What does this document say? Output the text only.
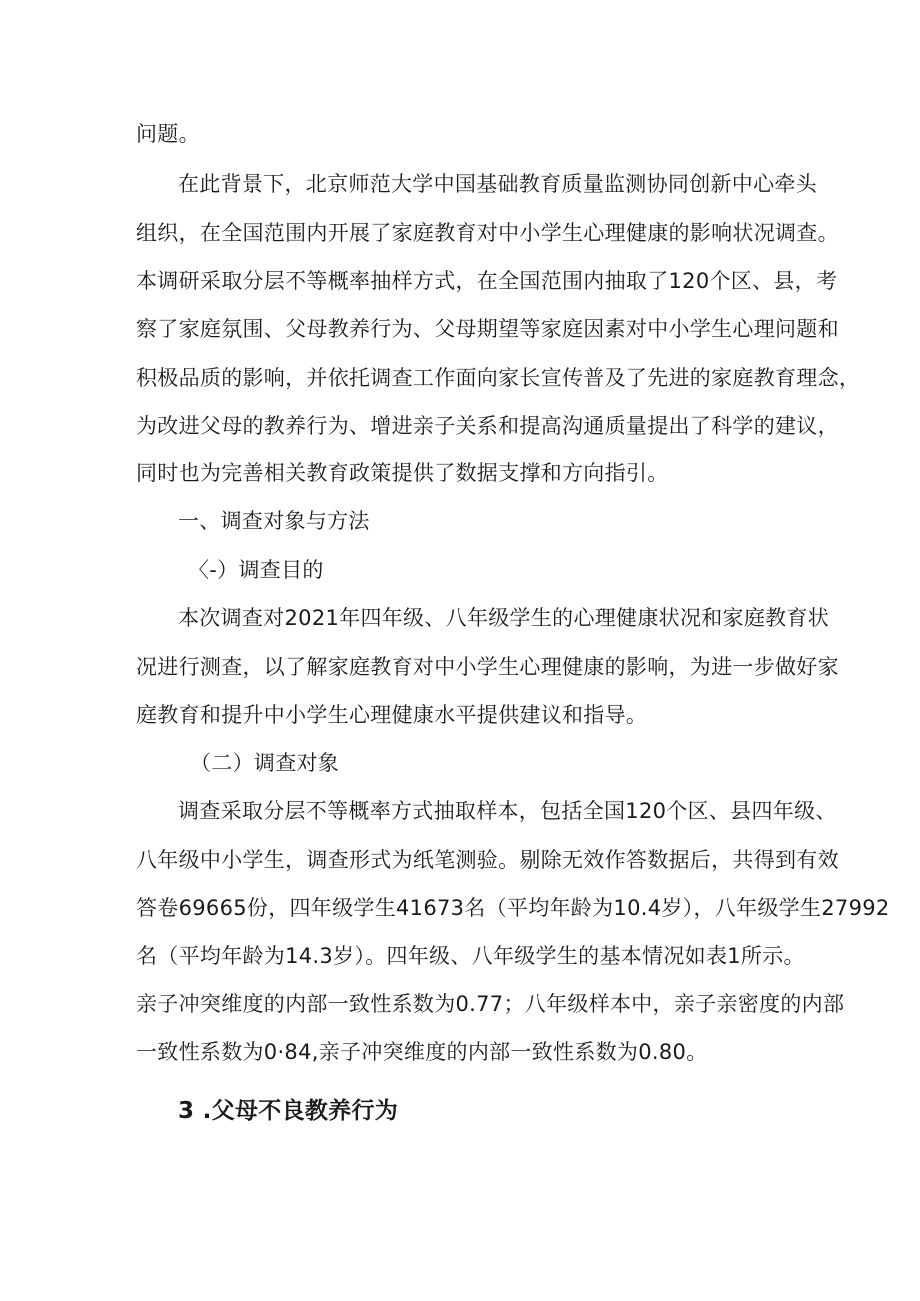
问题。
在此背景下，北京师范大学中国基础教育质量监测协同创新中心牵头
组织，在全国范围内开展了家庭教育对中小学生心理健康的影响状况调查。
本调研采取分层不等概率抽样方式，在全国范围内抽取了120个区、县，考
察了家庭氛围、父母教养行为、父母期望等家庭因素对中小学生心理问题和
积极品质的影响，并依托调查工作面向家长宣传普及了先进的家庭教育理念，
为改进父母的教养行为、增进亲子关系和提高沟通质量提出了科学的建议，
同时也为完善相关教育政策提供了数据支撑和方向指引。
一、调查对象与方法
〈-）调查目的
本次调查对2021年四年级、八年级学生的心理健康状况和家庭教育状
况进行测查，以了解家庭教育对中小学生心理健康的影响，为进一步做好家
庭教育和提升中小学生心理健康水平提供建议和指导。
（二）调查对象
调查采取分层不等概率方式抽取样本，包括全国120个区、县四年级、
八年级中小学生，调查形式为纸笔测验。剔除无效作答数据后，共得到有效
答卷69665份，四年级学生41673名（平均年龄为10.4岁），八年级学生27992
名（平均年龄为14.3岁）。四年级、八年级学生的基本情况如表1所示。
亲子冲突维度的内部一致性系数为0.77；八年级样本中，亲子亲密度的内部
一致性系数为0·84,亲子冲突维度的内部一致性系数为0.80。
3 .父母不良教养行为
